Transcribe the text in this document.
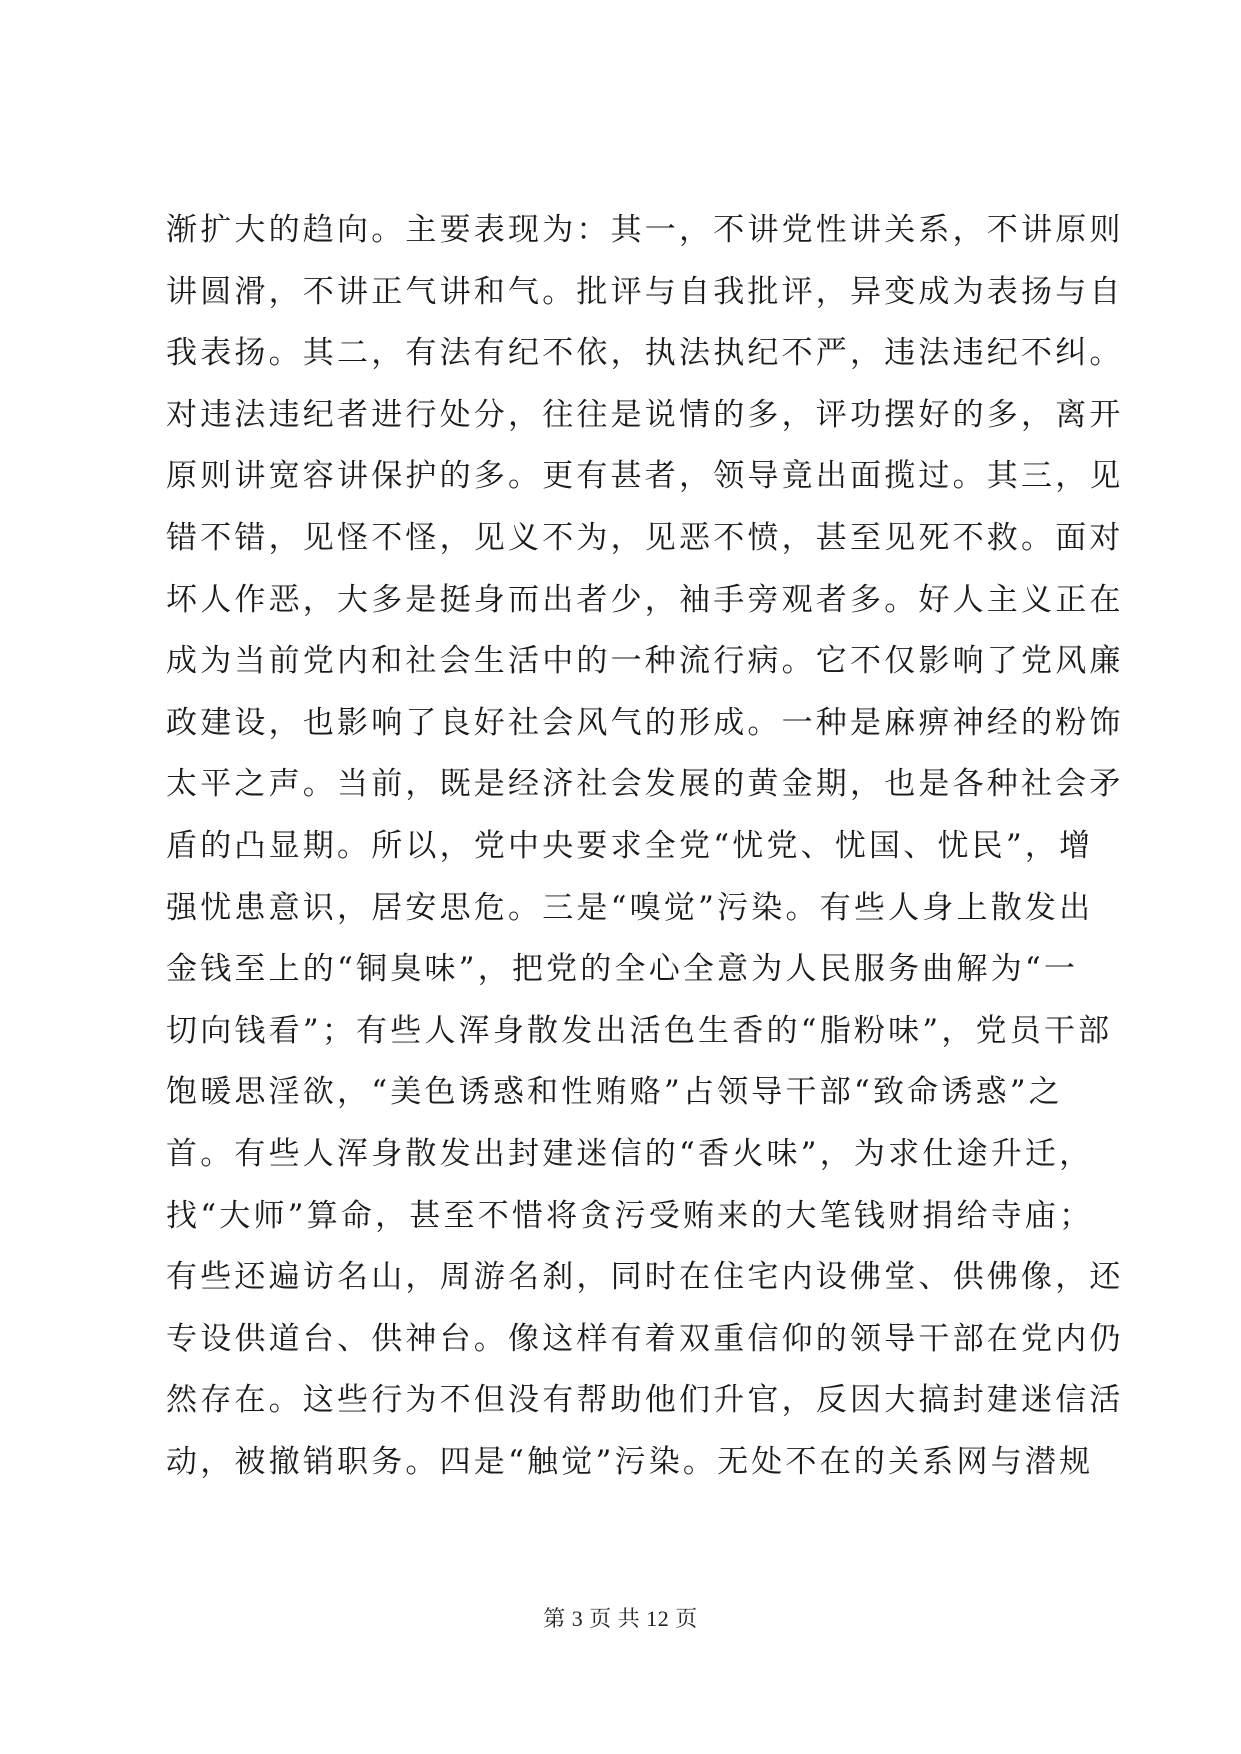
渐扩大的趋向。主要表现为：其一，不讲党性讲关系，不讲原则
讲圆滑，不讲正气讲和气。批评与自我批评，异变成为表扬与自
我表扬。其二，有法有纪不依，执法执纪不严，违法违纪不纠。
对违法违纪者进行处分，往往是说情的多，评功摆好的多，离开
原则讲宽容讲保护的多。更有甚者，领导竟出面揽过。其三，见
错不错，见怪不怪，见义不为，见恶不愤，甚至见死不救。面对
坏人作恶，大多是挺身而出者少，袖手旁观者多。好人主义正在
成为当前党内和社会生活中的一种流行病。它不仅影响了党风廉
政建设，也影响了良好社会风气的形成。一种是麻痹神经的粉饰
太平之声。当前，既是经济社会发展的黄金期，也是各种社会矛
盾的凸显期。所以，党中央要求全党“忧党、忧国、忧民”，增
强忧患意识，居安思危。三是“嗅觉”污染。有些人身上散发出
金钱至上的“铜臭味”，把党的全心全意为人民服务曲解为“一
切向钱看”；有些人浑身散发出活色生香的“脂粉味”，党员干部
饱暖思淫欲，“美色诱惑和性贿赂”占领导干部“致命诱惑”之
首。有些人浑身散发出封建迷信的“香火味”，为求仕途升迁，
找“大师”算命，甚至不惜将贪污受贿来的大笔钱财捐给寺庙；
有些还遍访名山，周游名刹，同时在住宅内设佛堂、供佛像，还
专设供道台、供神台。像这样有着双重信仰的领导干部在党内仍
然存在。这些行为不但没有帮助他们升官，反因大搞封建迷信活
动，被撤销职务。四是“触觉”污染。无处不在的关系网与潜规
第 3 页 共 12 页
